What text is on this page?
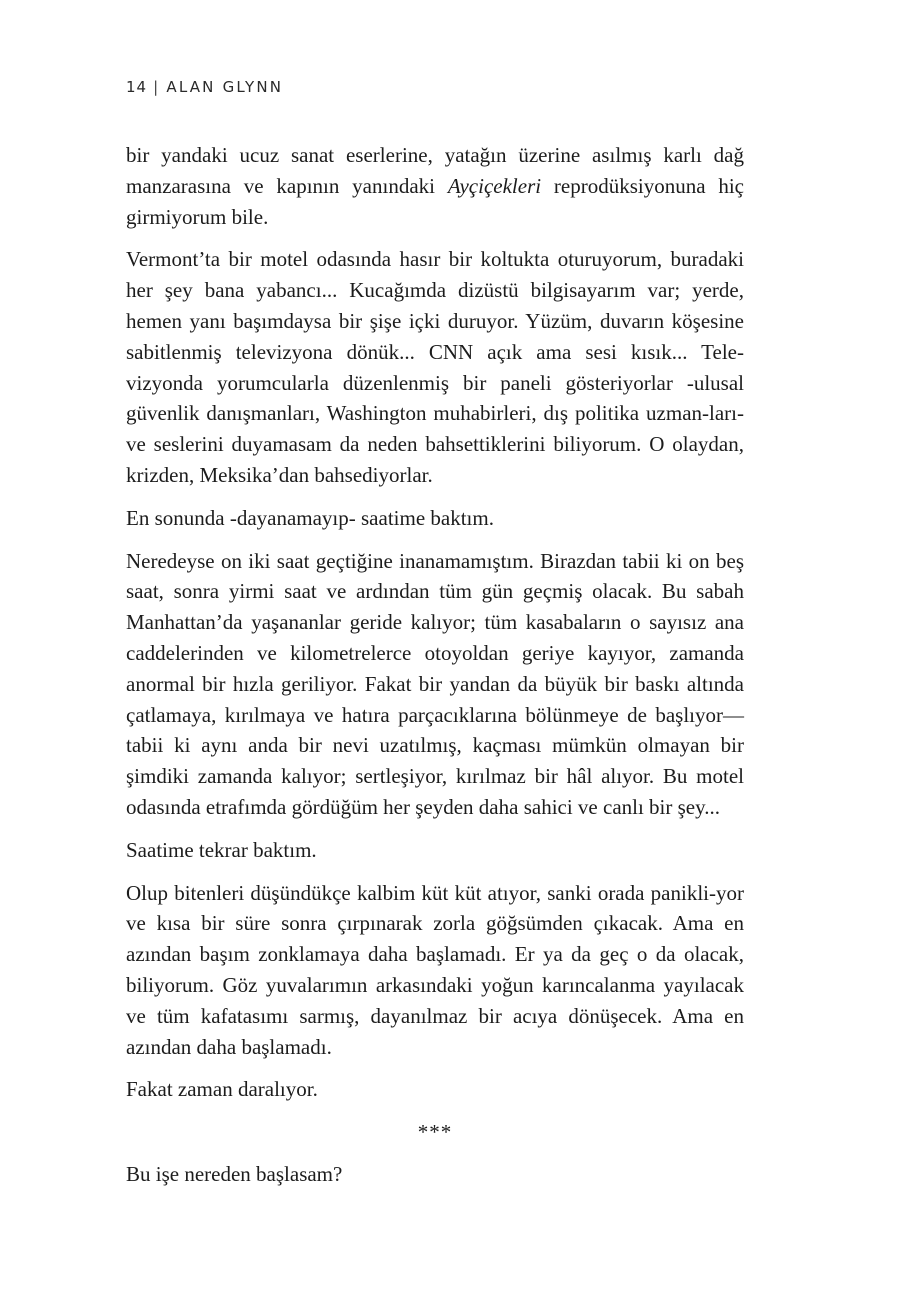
14 | ALAN GLYNN

bir yandaki ucuz sanat eserlerine, yatağın üzerine asılmış karlı dağ manzarasına ve kapının yanındaki Ayçiçekleri reprodüksiyonuna hiç girmiyorum bile.

Vermont’ta bir motel odasında hasır bir koltukta oturuyorum, buradaki her şey bana yabancı... Kucağımda dizüstü bilgisayarım var; yerde, hemen yanı başımdaysa bir şişe içki duruyor. Yüzüm, duvarın köşesine sabitlenmiş televizyona dönük... CNN açık ama sesi kısık... Tele-vizyonda yorumcularla düzenlenmiş bir paneli gösteriyorlar -ulusal güvenlik danışmanları, Washington muhabirleri, dış politika uzman-ları- ve seslerini duyamasam da neden bahsettiklerini biliyorum. O olaydan, krizden, Meksika’dan bahsediyorlar.

En sonunda -dayanamayıp- saatime baktım.

Neredeyse on iki saat geçtiğine inanamamıştım. Birazdan tabii ki on beş saat, sonra yirmi saat ve ardından tüm gün geçmiş olacak. Bu sabah Manhattan’da yaşananlar geride kalıyor; tüm kasabaların o sayısız ana caddelerinden ve kilometrelerce otoyoldan geriye kayıyor, zamanda anormal bir hızla geriliyor. Fakat bir yandan da büyük bir baskı altında çatlamaya, kırılmaya ve hatıra parçacıklarına bölünmeye de başlıyor—tabii ki aynı anda bir nevi uzatılmış, kaçması mümkün olmayan bir şimdiki zamanda kalıyor; sertleşiyor, kırılmaz bir hâl alıyor. Bu motel odasında etrafımda gördüğüm her şeyden daha sahici ve canlı bir şey...

Saatime tekrar baktım.

Olup bitenleri düşündükçe kalbim küt küt atıyor, sanki orada panikli-yor ve kısa bir süre sonra çırpınarak zorla göğsümden çıkacak. Ama en azından başım zonklamaya daha başlamadı. Er ya da geç o da olacak, biliyorum. Göz yuvalarımın arkasındaki yoğun karıncalanma yayılacak ve tüm kafatasımı sarmış, dayanılmaz bir acıya dönüşecek. Ama en azından daha başlamadı.

Fakat zaman daralıyor.

***

Bu işe nereden başlasam?
